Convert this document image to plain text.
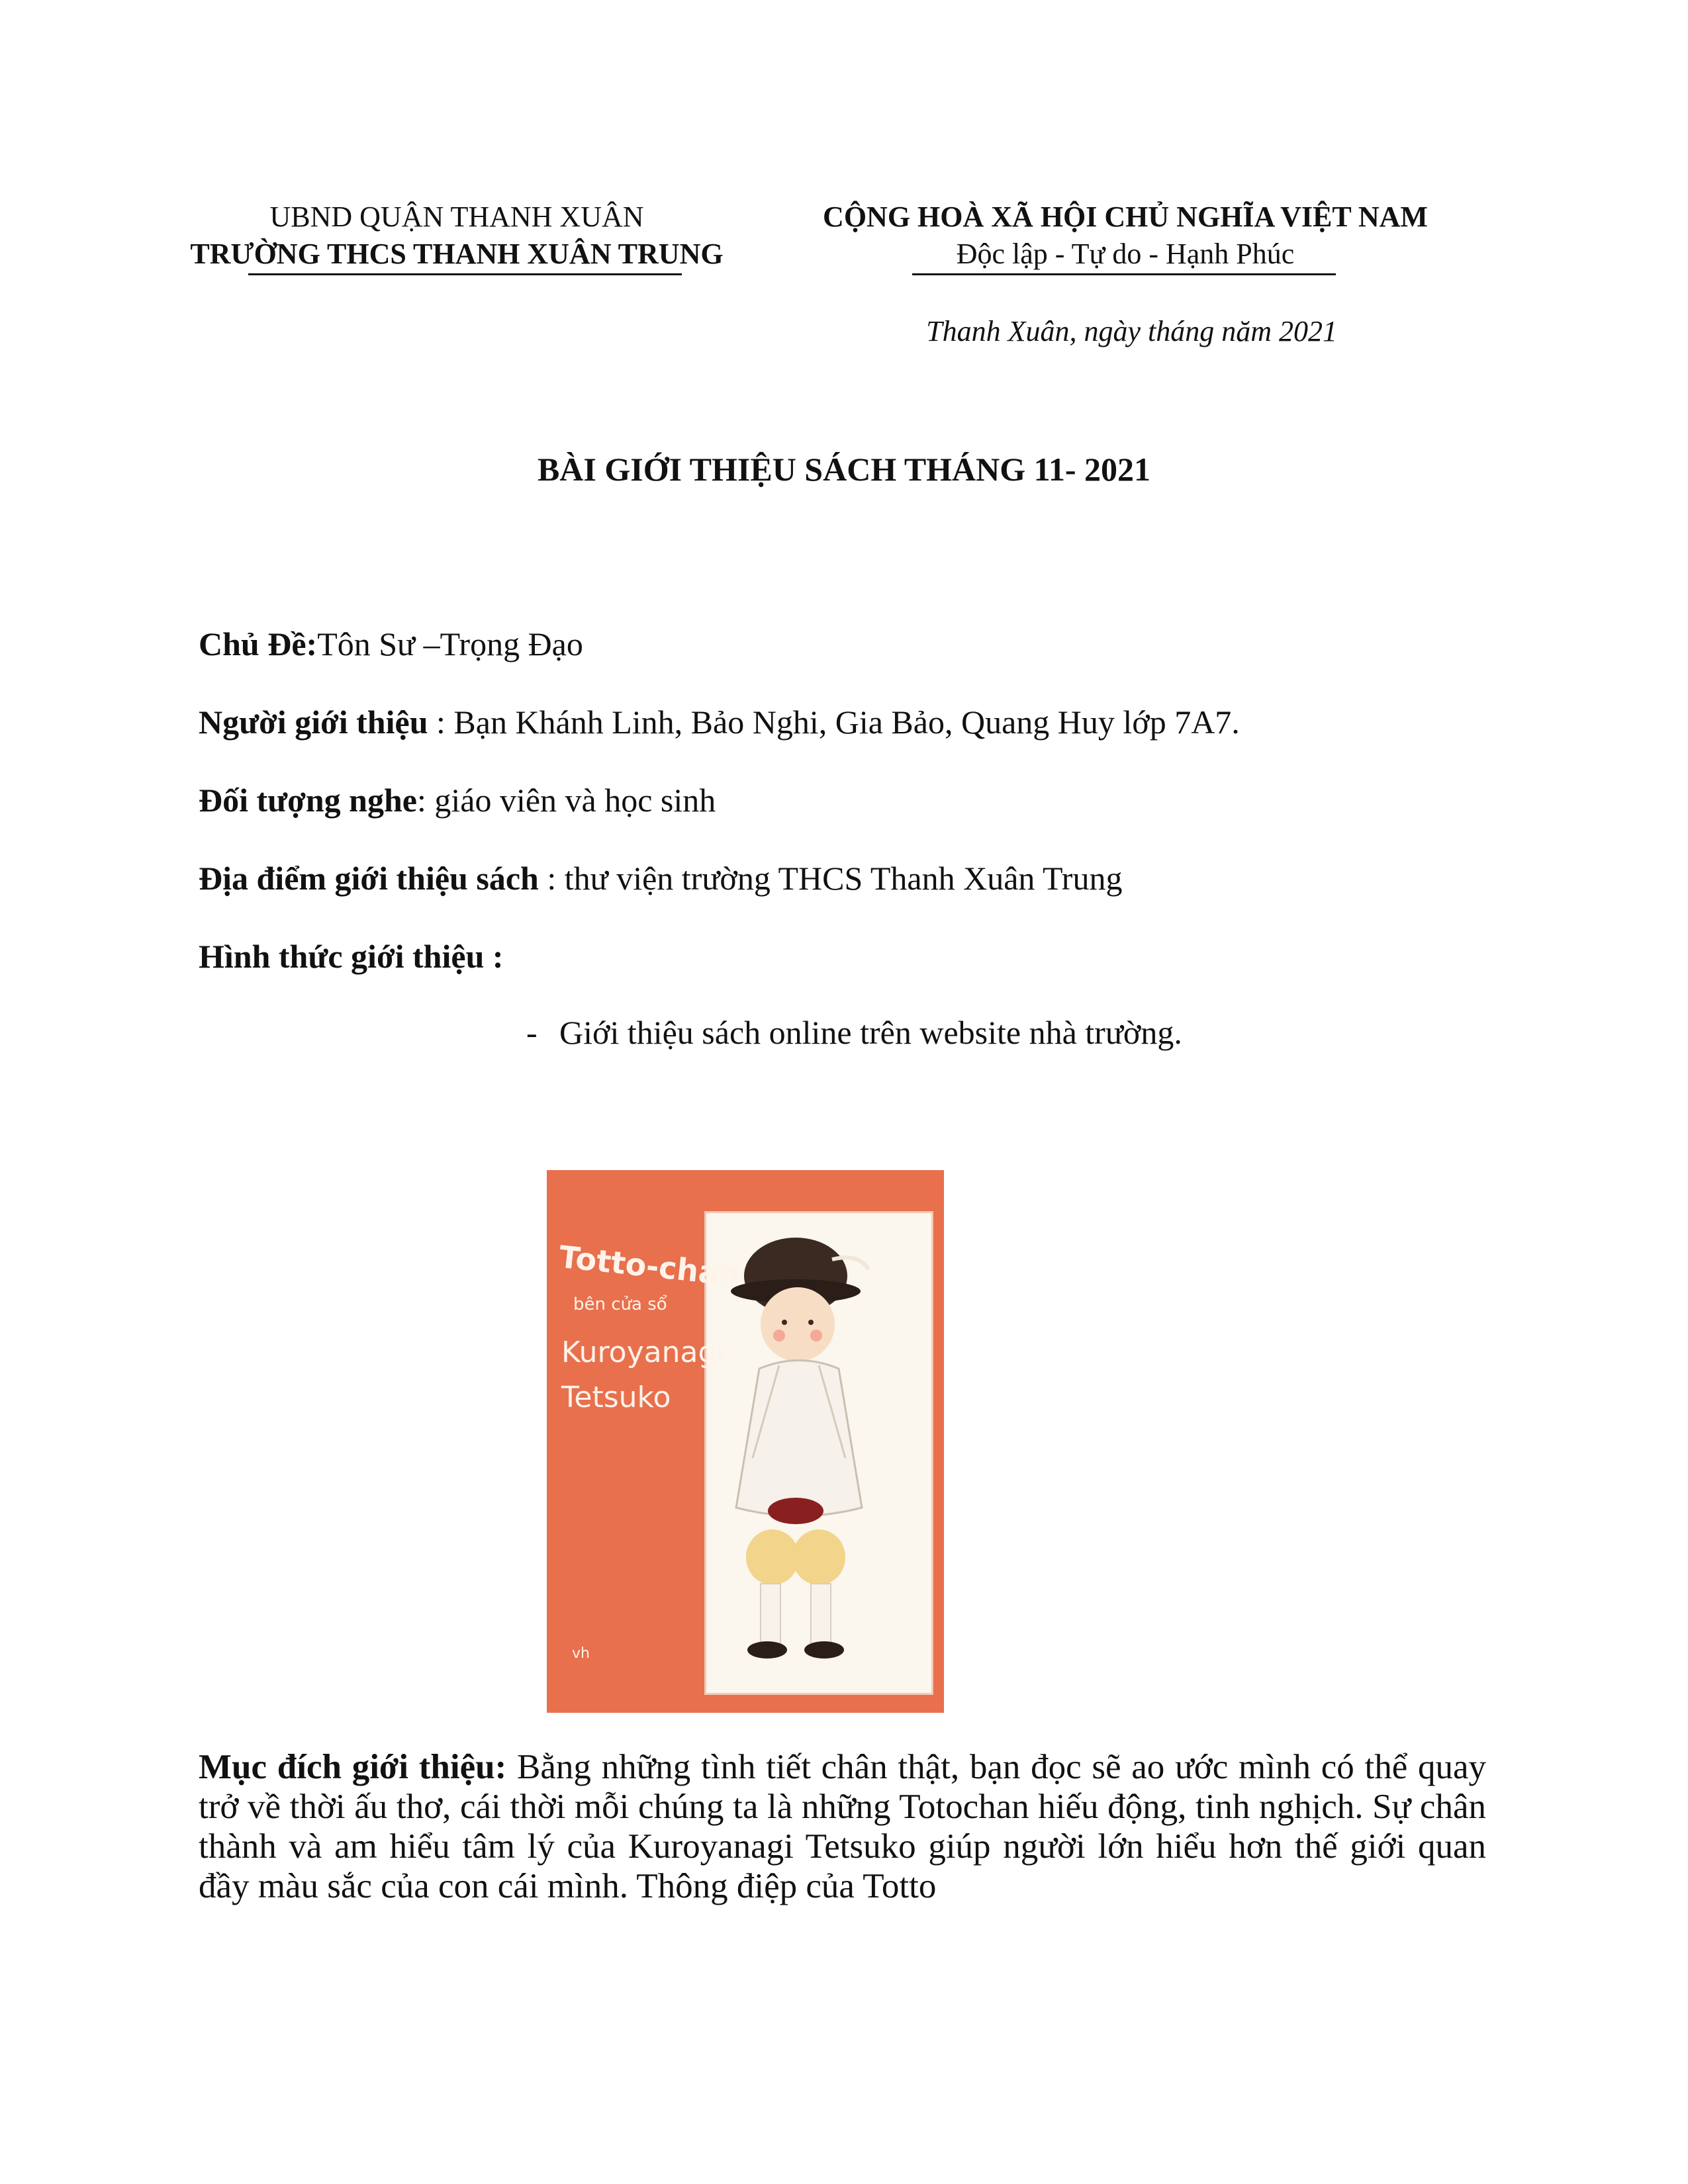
UBND QUẬN THANH XUÂN
TRƯỜNG THCS THANH XUÂN TRUNG
CỘNG HOÀ XÃ HỘI CHỦ NGHĨA VIỆT NAM
Độc lập - Tự do - Hạnh Phúc
Thanh Xuân, ngày tháng năm 2021
BÀI GIỚI THIỆU SÁCH THÁNG 11- 2021
Chủ Đề:Tôn Sư –Trọng Đạo
Người giới thiệu : Bạn Khánh Linh, Bảo Nghi, Gia Bảo, Quang Huy lớp 7A7.
Đối tượng nghe: giáo viên và học sinh
Địa điểm giới thiệu sách : thư viện trường THCS Thanh Xuân Trung
Hình thức giới thiệu :
- Giới thiệu sách online trên website nhà trường.
Totto-chan
bên cửa sổ
Kuroyanagi
Tetsuko
vh
Mục đích giới thiệu: Bằng những tình tiết chân thật, bạn đọc sẽ ao ước mình có thể quay trở về thời ấu thơ, cái thời mỗi chúng ta là những Totochan hiếu động, tinh nghịch. Sự chân thành và am hiểu tâm lý của Kuroyanagi Tetsuko giúp người lớn hiểu hơn thế giới quan đầy màu sắc của con cái mình. Thông điệp của Totto
